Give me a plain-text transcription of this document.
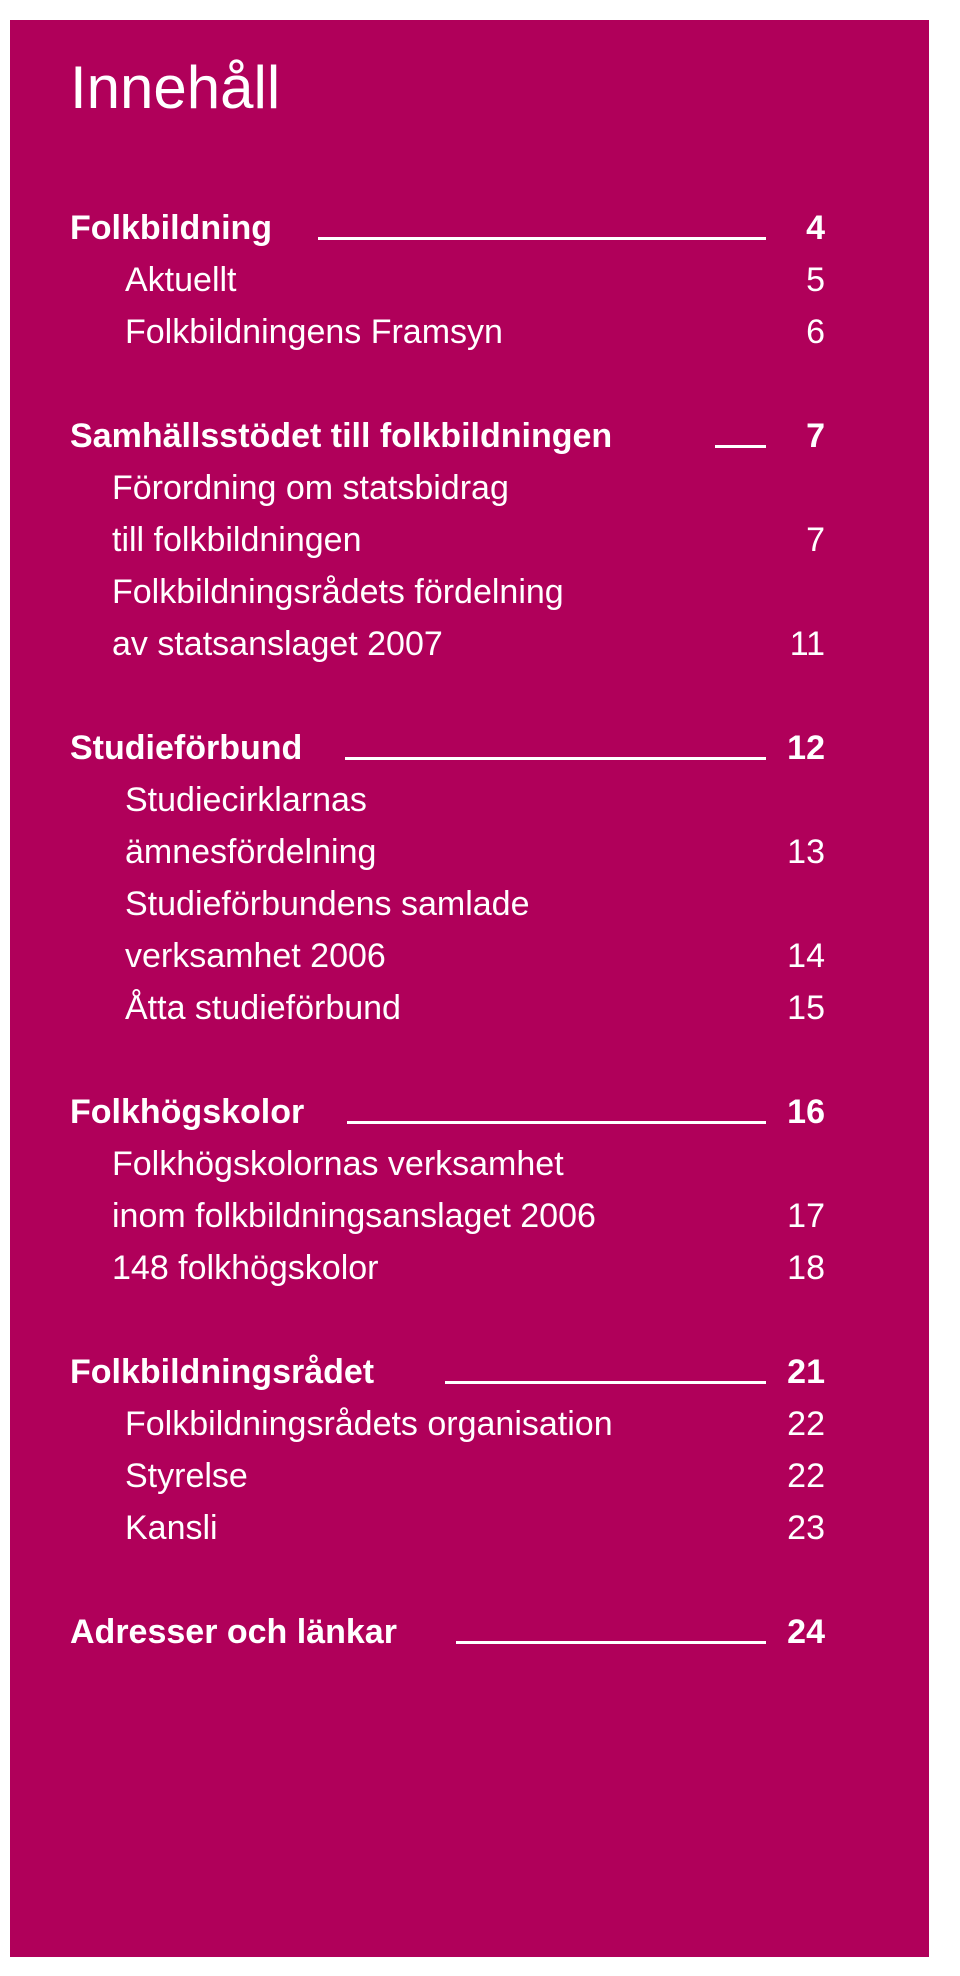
Innehåll
Folkbildning	4
Aktuellt	5
Folkbildningens Framsyn	6
Samhällsstödet till folkbildningen	7
Förordning om statsbidrag
till folkbildningen	7
Folkbildningsrådets fördelning
av statsanslaget 2007	11
Studieförbund	12
Studiecirklarnas
ämnesfördelning	13
Studieförbundens samlade
verksamhet 2006	14
Åtta studieförbund	15
Folkhögskolor	16
Folkhögskolornas verksamhet
inom folkbildningsanslaget 2006	17
148 folkhögskolor	18
Folkbildningsrådet	21
Folkbildningsrådets organisation	22
Styrelse	22
Kansli	23
Adresser och länkar	24
